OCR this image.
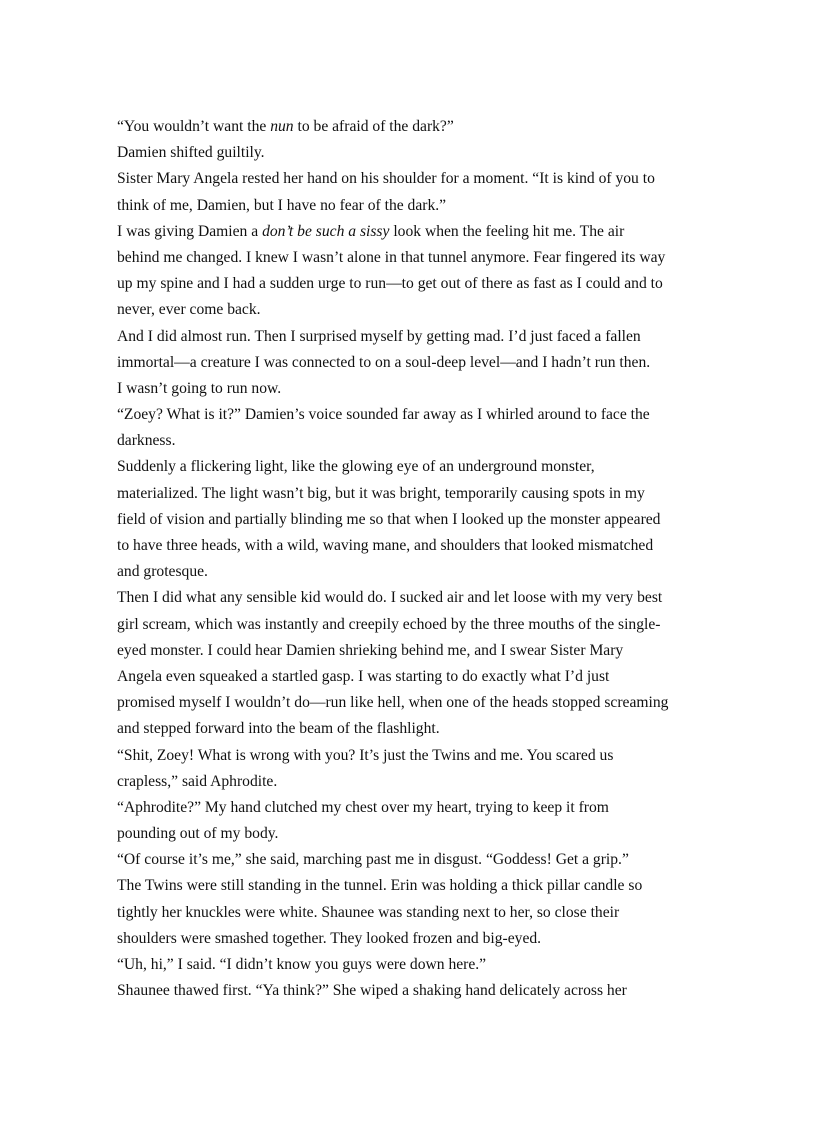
“You wouldn’t want the nun to be afraid of the dark?”
Damien shifted guiltily.
Sister Mary Angela rested her hand on his shoulder for a moment. “It is kind of you to
think of me, Damien, but I have no fear of the dark.”
I was giving Damien a don’t be such a sissy look when the feeling hit me. The air
behind me changed. I knew I wasn’t alone in that tunnel anymore. Fear fingered its way
up my spine and I had a sudden urge to run—to get out of there as fast as I could and to
never, ever come back.
And I did almost run. Then I surprised myself by getting mad. I’d just faced a fallen
immortal—a creature I was connected to on a soul-deep level—and I hadn’t run then.
I wasn’t going to run now.
“Zoey? What is it?” Damien’s voice sounded far away as I whirled around to face the
darkness.
Suddenly a flickering light, like the glowing eye of an underground monster,
materialized. The light wasn’t big, but it was bright, temporarily causing spots in my
field of vision and partially blinding me so that when I looked up the monster appeared
to have three heads, with a wild, waving mane, and shoulders that looked mismatched
and grotesque.
Then I did what any sensible kid would do. I sucked air and let loose with my very best
girl scream, which was instantly and creepily echoed by the three mouths of the single-
eyed monster. I could hear Damien shrieking behind me, and I swear Sister Mary
Angela even squeaked a startled gasp. I was starting to do exactly what I’d just
promised myself I wouldn’t do—run like hell, when one of the heads stopped screaming
and stepped forward into the beam of the flashlight.
“Shit, Zoey! What is wrong with you? It’s just the Twins and me. You scared us
crapless,” said Aphrodite.
“Aphrodite?” My hand clutched my chest over my heart, trying to keep it from
pounding out of my body.
“Of course it’s me,” she said, marching past me in disgust. “Goddess! Get a grip.”
The Twins were still standing in the tunnel. Erin was holding a thick pillar candle so
tightly her knuckles were white. Shaunee was standing next to her, so close their
shoulders were smashed together. They looked frozen and big-eyed.
“Uh, hi,” I said. “I didn’t know you guys were down here.”
Shaunee thawed first. “Ya think?” She wiped a shaking hand delicately across her
